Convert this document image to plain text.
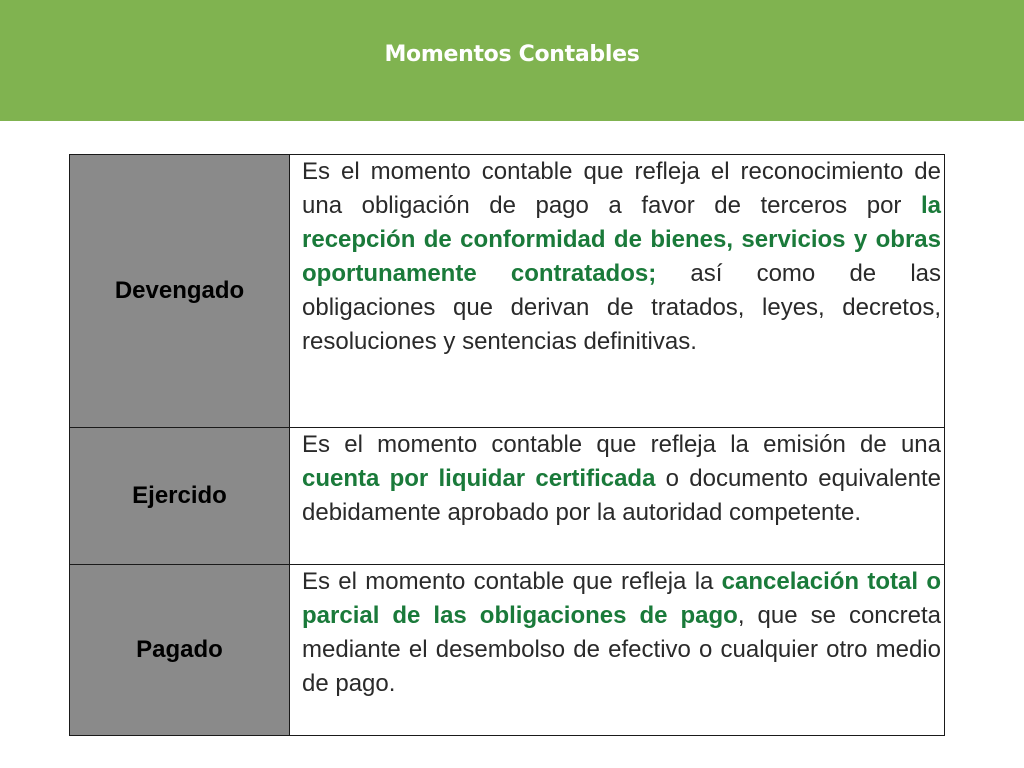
Momentos Contables
Devengado	Es el momento contable que refleja el reconocimiento de una obligación de pago a favor de terceros por la recepción de conformidad de bienes, servicios y obras oportunamente contratados; así como de las obligaciones que derivan de tratados, leyes, decretos, resoluciones y sentencias definitivas.
Ejercido	Es el momento contable que refleja la emisión de una cuenta por liquidar certificada o documento equivalente debidamente aprobado por la autoridad competente.
Pagado	Es el momento contable que refleja la cancelación total o parcial de las obligaciones de pago, que se concreta mediante el desembolso de efectivo o cualquier otro medio de pago.
